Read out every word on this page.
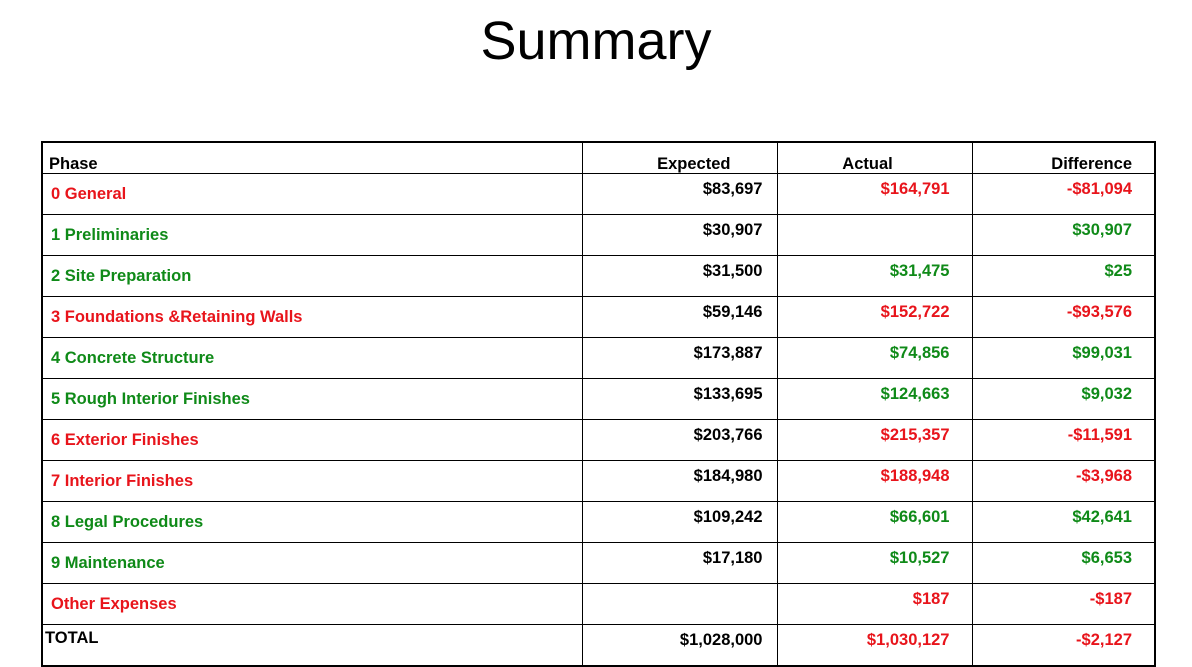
Summary
Phase	Expected	Actual	Difference
0 General	$83,697	$164,791	-$81,094
1 Preliminaries	$30,907		$30,907
2 Site Preparation	$31,500	$31,475	$25
3 Foundations &Retaining Walls	$59,146	$152,722	-$93,576
4 Concrete Structure	$173,887	$74,856	$99,031
5 Rough Interior Finishes	$133,695	$124,663	$9,032
6 Exterior Finishes	$203,766	$215,357	-$11,591
7 Interior Finishes	$184,980	$188,948	-$3,968
8 Legal Procedures	$109,242	$66,601	$42,641
9 Maintenance	$17,180	$10,527	$6,653
Other Expenses		$187	-$187
TOTAL	$1,028,000	$1,030,127	-$2,127
